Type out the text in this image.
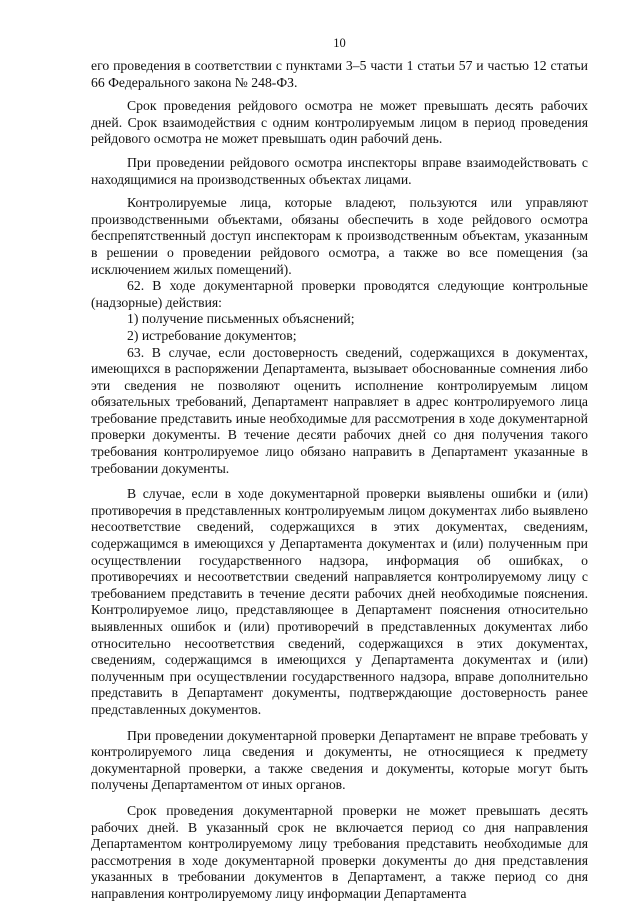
10

его проведения в соответствии с пунктами 3–5 части 1 статьи 57 и частью 12 статьи 66 Федерального закона № 248-ФЗ.

Срок проведения рейдового осмотра не может превышать десять рабочих дней. Срок взаимодействия с одним контролируемым лицом в период проведения рейдового осмотра не может превышать один рабочий день.

При проведении рейдового осмотра инспекторы вправе взаимодействовать с находящимися на производственных объектах лицами.

Контролируемые лица, которые владеют, пользуются или управляют производственными объектами, обязаны обеспечить в ходе рейдового осмотра беспрепятственный доступ инспекторам к производственным объектам, указанным в решении о проведении рейдового осмотра, а также во все помещения (за исключением жилых помещений).

62. В ходе документарной проверки проводятся следующие контрольные (надзорные) действия:

1) получение письменных объяснений;

2) истребование документов;

63. В случае, если достоверность сведений, содержащихся в документах, имеющихся в распоряжении Департамента, вызывает обоснованные сомнения либо эти сведения не позволяют оценить исполнение контролируемым лицом обязательных требований, Департамент направляет в адрес контролируемого лица требование представить иные необходимые для рассмотрения в ходе документарной проверки документы. В течение десяти рабочих дней со дня получения такого требования контролируемое лицо обязано направить в Департамент указанные в требовании документы.

В случае, если в ходе документарной проверки выявлены ошибки и (или) противоречия в представленных контролируемым лицом документах либо выявлено несоответствие сведений, содержащихся в этих документах, сведениям, содержащимся в имеющихся у Департамента документах и (или) полученным при осуществлении государственного надзора, информация об ошибках, о противоречиях и несоответствии сведений направляется контролируемому лицу с требованием представить в течение десяти рабочих дней необходимые пояснения. Контролируемое лицо, представляющее в Департамент пояснения относительно выявленных ошибок и (или) противоречий в представленных документах либо относительно несоответствия сведений, содержащихся в этих документах, сведениям, содержащимся в имеющихся у Департамента документах и (или) полученным при осуществлении государственного надзора, вправе дополнительно представить в Департамент документы, подтверждающие достоверность ранее представленных документов.

При проведении документарной проверки Департамент не вправе требовать у контролируемого лица сведения и документы, не относящиеся к предмету документарной проверки, а также сведения и документы, которые могут быть получены Департаментом от иных органов.

Срок проведения документарной проверки не может превышать десять рабочих дней. В указанный срок не включается период со дня направления Департаментом контролируемому лицу требования представить необходимые для рассмотрения в ходе документарной проверки документы до дня представления указанных в требовании документов в Департамент, а также период со дня направления контролируемому лицу информации Департамента
